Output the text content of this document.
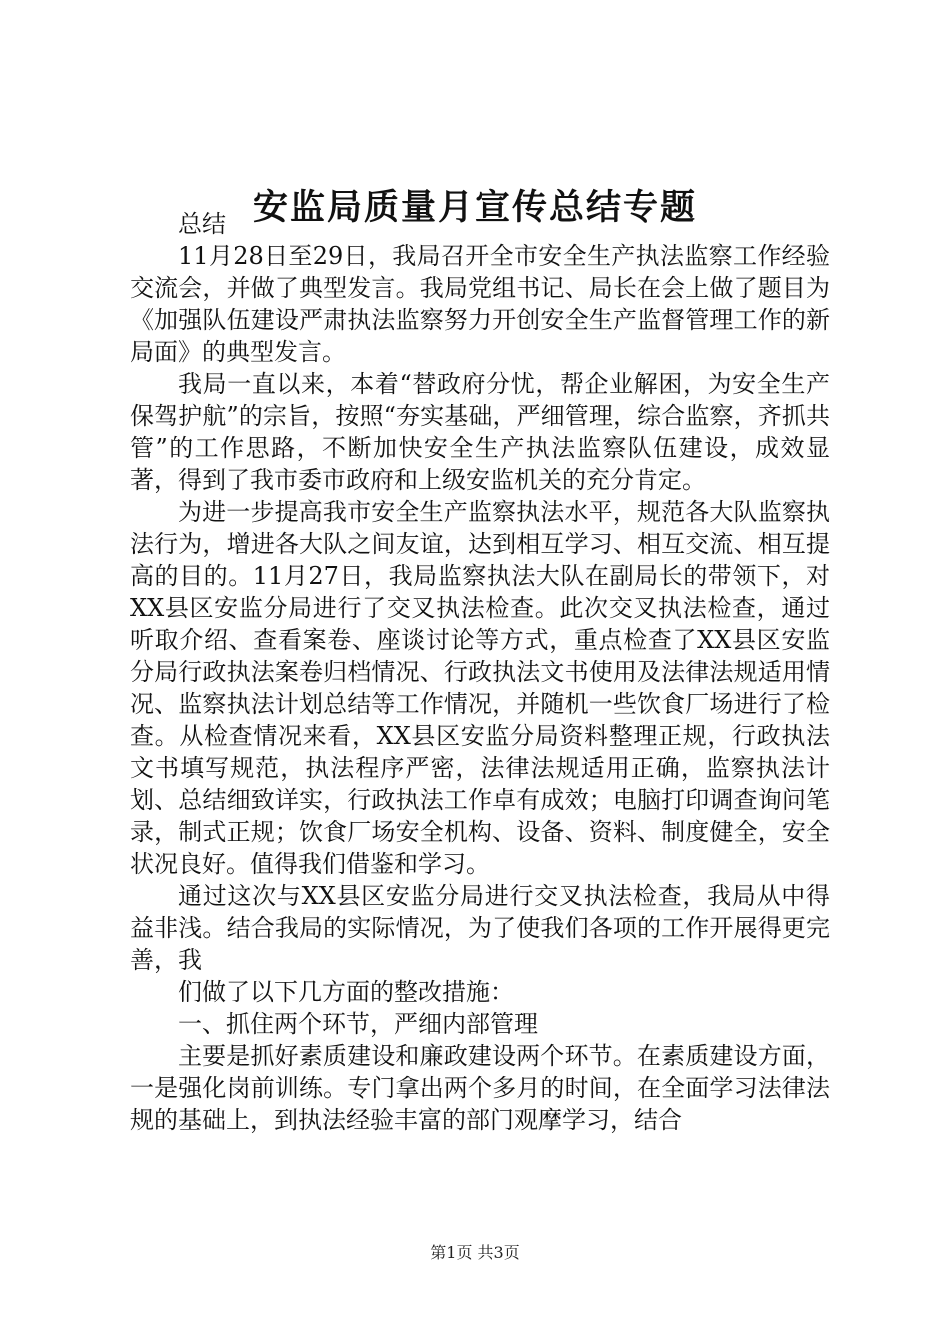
安监局质量月宣传总结专题

总结

11月28日至29日，我局召开全市安全生产执法监察工作经验交流会，并做了典型发言。我局党组书记、局长在会上做了题目为《加强队伍建设严肃执法监察努力开创安全生产监督管理工作的新局面》的典型发言。

我局一直以来，本着“替政府分忧，帮企业解困，为安全生产保驾护航”的宗旨，按照“夯实基础，严细管理，综合监察，齐抓共管”的工作思路，不断加快安全生产执法监察队伍建设，成效显著，得到了我市委市政府和上级安监机关的充分肯定。

为进一步提高我市安全生产监察执法水平，规范各大队监察执法行为，增进各大队之间友谊，达到相互学习、相互交流、相互提高的目的。11月27日，我局监察执法大队在副局长的带领下，对XX县区安监分局进行了交叉执法检查。此次交叉执法检查，通过听取介绍、查看案卷、座谈讨论等方式，重点检查了XX县区安监分局行政执法案卷归档情况、行政执法文书使用及法律法规适用情况、监察执法计划总结等工作情况，并随机一些饮食厂场进行了检查。从检查情况来看，XX县区安监分局资料整理正规，行政执法文书填写规范，执法程序严密，法律法规适用正确，监察执法计划、总结细致详实，行政执法工作卓有成效；电脑打印调查询问笔录，制式正规；饮食厂场安全机构、设备、资料、制度健全，安全状况良好。值得我们借鉴和学习。

通过这次与XX县区安监分局进行交叉执法检查，我局从中得益非浅。结合我局的实际情况，为了使我们各项的工作开展得更完善，我

们做了以下几方面的整改措施：

一、抓住两个环节，严细内部管理

主要是抓好素质建设和廉政建设两个环节。在素质建设方面，一是强化岗前训练。专门拿出两个多月的时间，在全面学习法律法规的基础上，到执法经验丰富的部门观摩学习，结合

第1页 共3页
